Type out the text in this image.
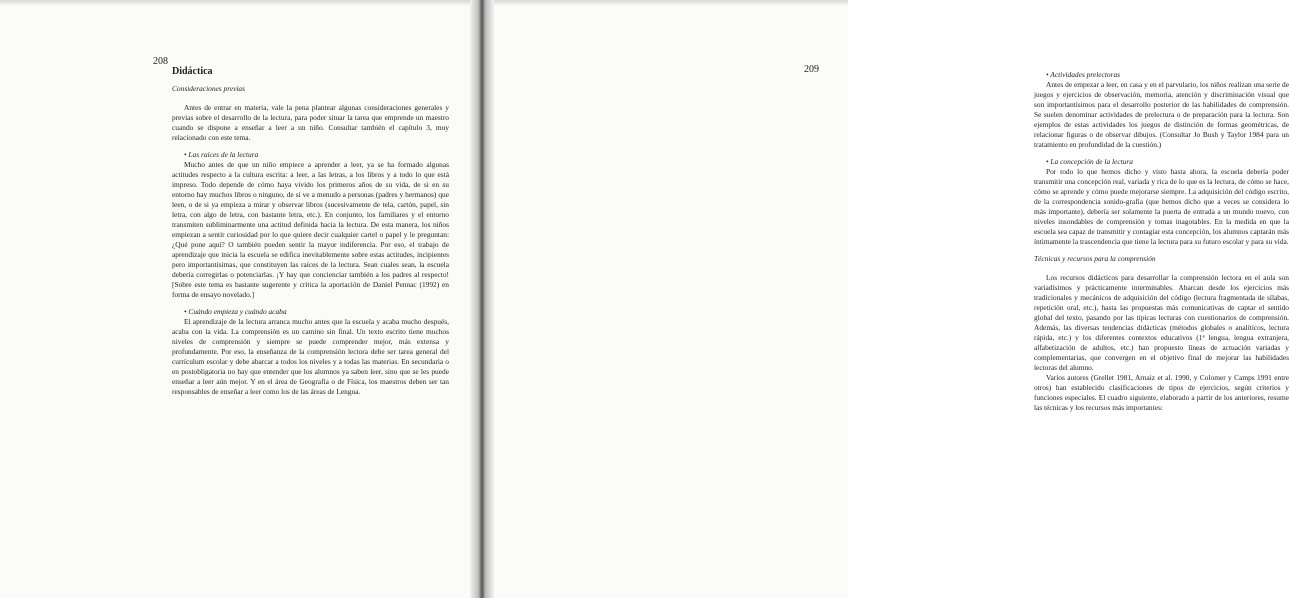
208
Didáctica
Consideraciones previas

Antes de entrar en materia, vale la pena plantear algunas consideraciones generales y previas sobre el desarrollo de la lectura, para poder situar la tarea que emprende un maestro cuando se dispone a enseñar a leer a un niño. Consultar también el capítulo 3, muy relacionado con este tema.

• Las raíces de la lectura

Mucho antes de que un niño empiece a aprender a leer, ya se ha formado algunas actitudes respecto a la cultura escrita: a leer, a las letras, a los libros y a todo lo que está impreso. Todo depende de cómo haya vivido los primeros años de su vida, de si en su entorno hay muchos libros o ninguno, de si ve a menudo a personas (padres y hermanos) que leen, o de si ya empieza a mirar y observar libros (sucesivamente de tela, cartón, papel, sin letra, con algo de letra, con bastante letra, etc.). En conjunto, los familiares y el entorno transmiten subliminarmente una actitud definida hacia la lectura. De esta manera, los niños empiezan a sentir curiosidad por lo que quiere decir cualquier cartel o papel y le preguntan: ¿Qué pone aquí? O también pueden sentir la mayor indiferencia. Por eso, el trabajo de aprendizaje que inicia la escuela se edifica inevitablemente sobre estas actitudes, incipientes pero importantísimas, que constituyen las raíces de la lectura. Sean cuales sean, la escuela debería corregirlas o potenciarlas. ¡Y hay que concienciar también a los padres al respecto! [Sobre este tema es bastante sugerente y crítica la aportación de Daniel Pennac (1992) en forma de ensayo novelado.]

• Cuándo empieza y cuándo acaba

El aprendizaje de la lectura arranca mucho antes que la escuela y acaba mucho después, acaba con la vida. La comprensión es un camino sin final. Un texto escrito tiene muchos niveles de comprensión y siempre se puede comprender mejor, más extensa y profundamente. Por eso, la enseñanza de la comprensión lectora debe ser tarea general del currículum escolar y debe abarcar a todos los niveles y a todas las materias. En secundaria o en postobligatoria no hay que entender que los alumnos ya saben leer, sino que se les puede enseñar a leer aún mejor. Y en el área de Geografía o de Física, los maestros deben ser tan responsables de enseñar a leer como los de las áreas de Lengua.

209	• Actividades prelectoras

Antes de empezar a leer, en casa y en el parvulario, los niños realizan una serie de juegos y ejercicios de observación, memoria, atención y discriminación visual que son importantísimos para el desarrollo posterior de las habilidades de comprensión. Se suelen denominar actividades de prelectura o de preparación para la lectura. Son ejemplos de estas actividades los juegos de distinción de formas geométricas, de relacionar figuras o de observar dibujos. (Consultar Jo Bush y Taylor 1984 para un tratamiento en profundidad de la cuestión.)

• La concepción de la lectura

Por todo lo que hemos dicho y visto hasta ahora, la escuela debería poder transmitir una concepción real, variada y rica de lo que es la lectura, de cómo se hace, cómo se aprende y cómo puede mejorarse siempre. La adquisición del código escrito, de la correspondencia sonido-grafía (que hemos dicho que a veces se considera lo más importante), debería ser solamente la puerta de entrada a un mundo nuevo, con niveles insondables de comprensión y tomas inagotables. En la medida en que la escuela sea capaz de transmitir y contagiar esta concepción, los alumnos captarán más íntimamente la trascendencia que tiene la lectura para su futuro escolar y para su vida.

Técnicas y recursos para la comprensión

Los recursos didácticos para desarrollar la comprensión lectora en el aula son variadísimos y prácticamente interminables. Abarcan desde los ejercicios más tradicionales y mecánicos de adquisición del código (lectura fragmentada de sílabas, repetición oral, etc.), hasta las propuestas más comunicativas de captar el sentido global del texto, pasando por las típicas lecturas con cuestionarios de comprensión. Además, las diversas tendencias didácticas (métodos globales o analíticos, lectura rápida, etc.) y los diferentes contextos educativos (1ª lengua, lengua extranjera, alfabetización de adultos, etc.) han propuesto líneas de actuación variadas y complementarias, que convergen en el objetivo final de mejorar las habilidades lectoras del alumno.

Varios autores (Grellet 1981, Arnaiz et al. 1990, y Colomer y Camps 1991 entre otros) han establecido clasificaciones de tipos de ejercicios, según criterios y funciones especiales. El cuadro siguiente, elaborado a partir de los anteriores, resume las técnicas y los recursos más importantes:
